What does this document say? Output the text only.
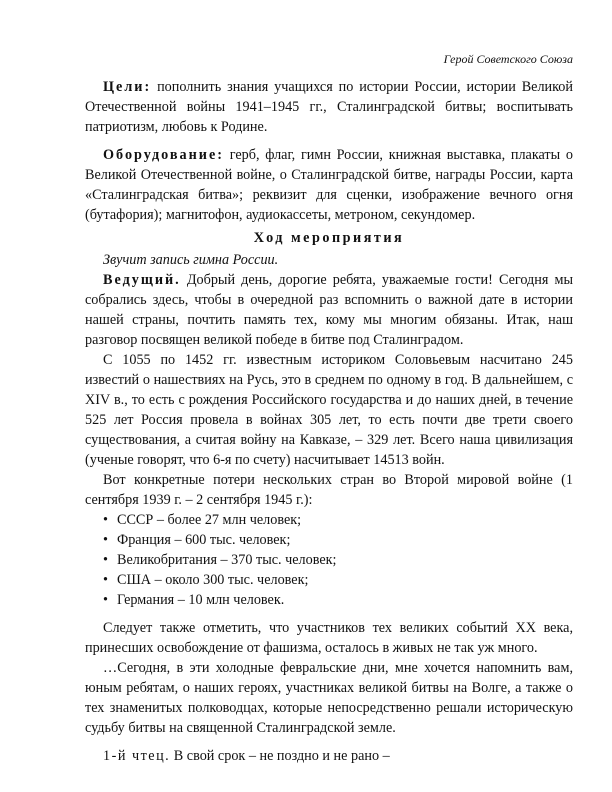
Герой Советского Союза

Цели: пополнить знания учащихся по истории России, истории Великой Отечественной войны 1941–1945 гг., Сталинградской битвы; воспитывать патриотизм, любовь к Родине.

Оборудование: герб, флаг, гимн России, книжная выставка, плакаты о Великой Отечественной войне, о Сталинградской битве, награды России, карта «Сталинградская битва»; реквизит для сценки, изображение вечного огня (бутафория); магнитофон, аудиокассеты, метроном, секундомер.

Ход мероприятия

Звучит запись гимна России.

Ведущий. Добрый день, дорогие ребята, уважаемые гости! Сегодня мы собрались здесь, чтобы в очередной раз вспомнить о важной дате в истории нашей страны, почтить память тех, кому мы многим обязаны. Итак, наш разговор посвящен великой победе в битве под Сталинградом.

С 1055 по 1452 гг. известным историком Соловьевым насчитано 245 известий о нашествиях на Русь, это в среднем по одному в год. В дальнейшем, с XIV в., то есть с рождения Российского государства и до наших дней, в течение 525 лет Россия провела в войнах 305 лет, то есть почти две трети своего существования, а считая войну на Кавказе, – 329 лет. Всего наша цивилизация (ученые говорят, что 6-я по счету) насчитывает 14513 войн.

Вот конкретные потери нескольких стран во Второй мировой войне (1 сентября 1939 г. – 2 сентября 1945 г.):

• СССР – более 27 млн человек;
• Франция – 600 тыс. человек;
• Великобритания – 370 тыс. человек;
• США – около 300 тыс. человек;
• Германия – 10 млн человек.

Следует также отметить, что участников тех великих событий XX века, принесших освобождение от фашизма, осталось в живых не так уж много.

…Сегодня, в эти холодные февральские дни, мне хочется напомнить вам, юным ребятам, о наших героях, участниках великой битвы на Волге, а также о тех знаменитых полководцах, которые непосредственно решали историческую судьбу битвы на священной Сталинградской земле.

1-й чтец. В свой срок – не поздно и не рано –
